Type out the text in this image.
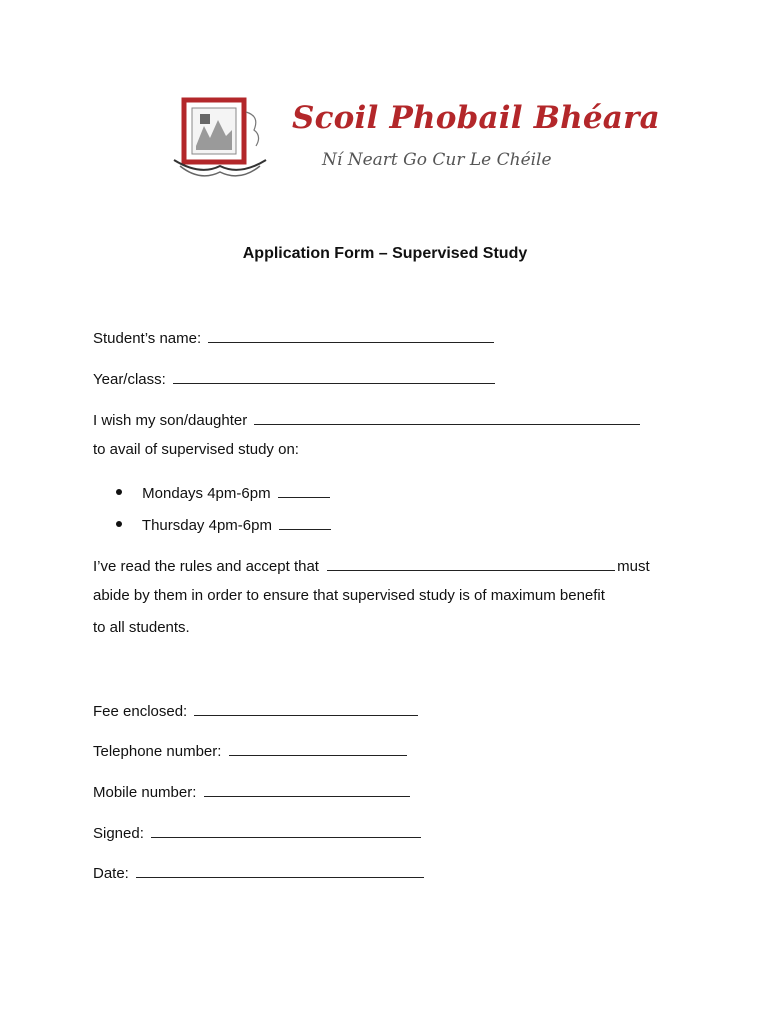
Scoil Phobail Bhéara
Ní Neart Go Cur Le Chéile
Application Form – Supervised Study
Student’s name:
Year/class:
I wish my son/daughter
to avail of supervised study on:
Mondays 4pm-6pm
Thursday 4pm-6pm
I’ve read the rules and accept that	must
abide by them in order to ensure that supervised study is of maximum benefit
to all students.
Fee enclosed:
Telephone number:
Mobile number:
Signed:
Date:
